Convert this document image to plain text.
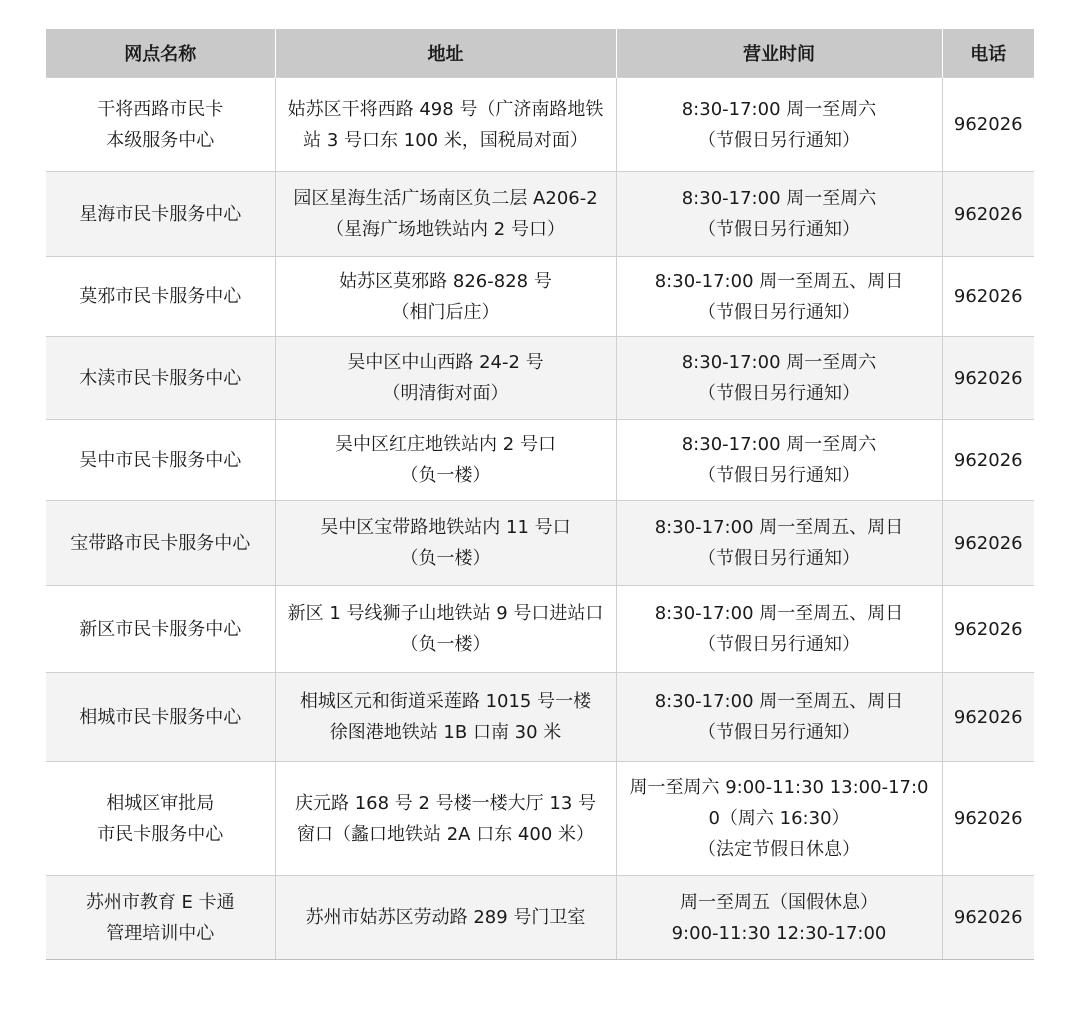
网点名称	地址	营业时间	电话
干将西路市民卡
本级服务中心	姑苏区干将西路 498 号（广济南路地铁站 3 号口东 100 米，国税局对面）	8:30-17:00 周一至周六
（节假日另行通知）	962026
星海市民卡服务中心	园区星海生活广场南区负二层 A206-2（星海广场地铁站内 2 号口）	8:30-17:00 周一至周六
（节假日另行通知）	962026
莫邪市民卡服务中心	姑苏区莫邪路 826-828 号
（相门后庄）	8:30-17:00 周一至周五、周日
（节假日另行通知）	962026
木渎市民卡服务中心	吴中区中山西路 24-2 号
（明清街对面）	8:30-17:00 周一至周六
（节假日另行通知）	962026
吴中市民卡服务中心	吴中区红庄地铁站内 2 号口
（负一楼）	8:30-17:00 周一至周六
（节假日另行通知）	962026
宝带路市民卡服务中心	吴中区宝带路地铁站内 11 号口
（负一楼）	8:30-17:00 周一至周五、周日
（节假日另行通知）	962026
新区市民卡服务中心	新区 1 号线狮子山地铁站 9 号口进站口（负一楼）	8:30-17:00 周一至周五、周日
（节假日另行通知）	962026
相城市民卡服务中心	相城区元和街道采莲路 1015 号一楼
徐图港地铁站 1B 口南 30 米	8:30-17:00 周一至周五、周日
（节假日另行通知）	962026
相城区审批局
市民卡服务中心	庆元路 168 号 2 号楼一楼大厅 13 号窗口（蠡口地铁站 2A 口东 400 米）	周一至周六 9:00-11:30 13:00-17:00（周六 16:30）
（法定节假日休息）	962026
苏州市教育 E 卡通
管理培训中心	苏州市姑苏区劳动路 289 号门卫室	周一至周五（国假休息）
9:00-11:30 12:30-17:00	962026
